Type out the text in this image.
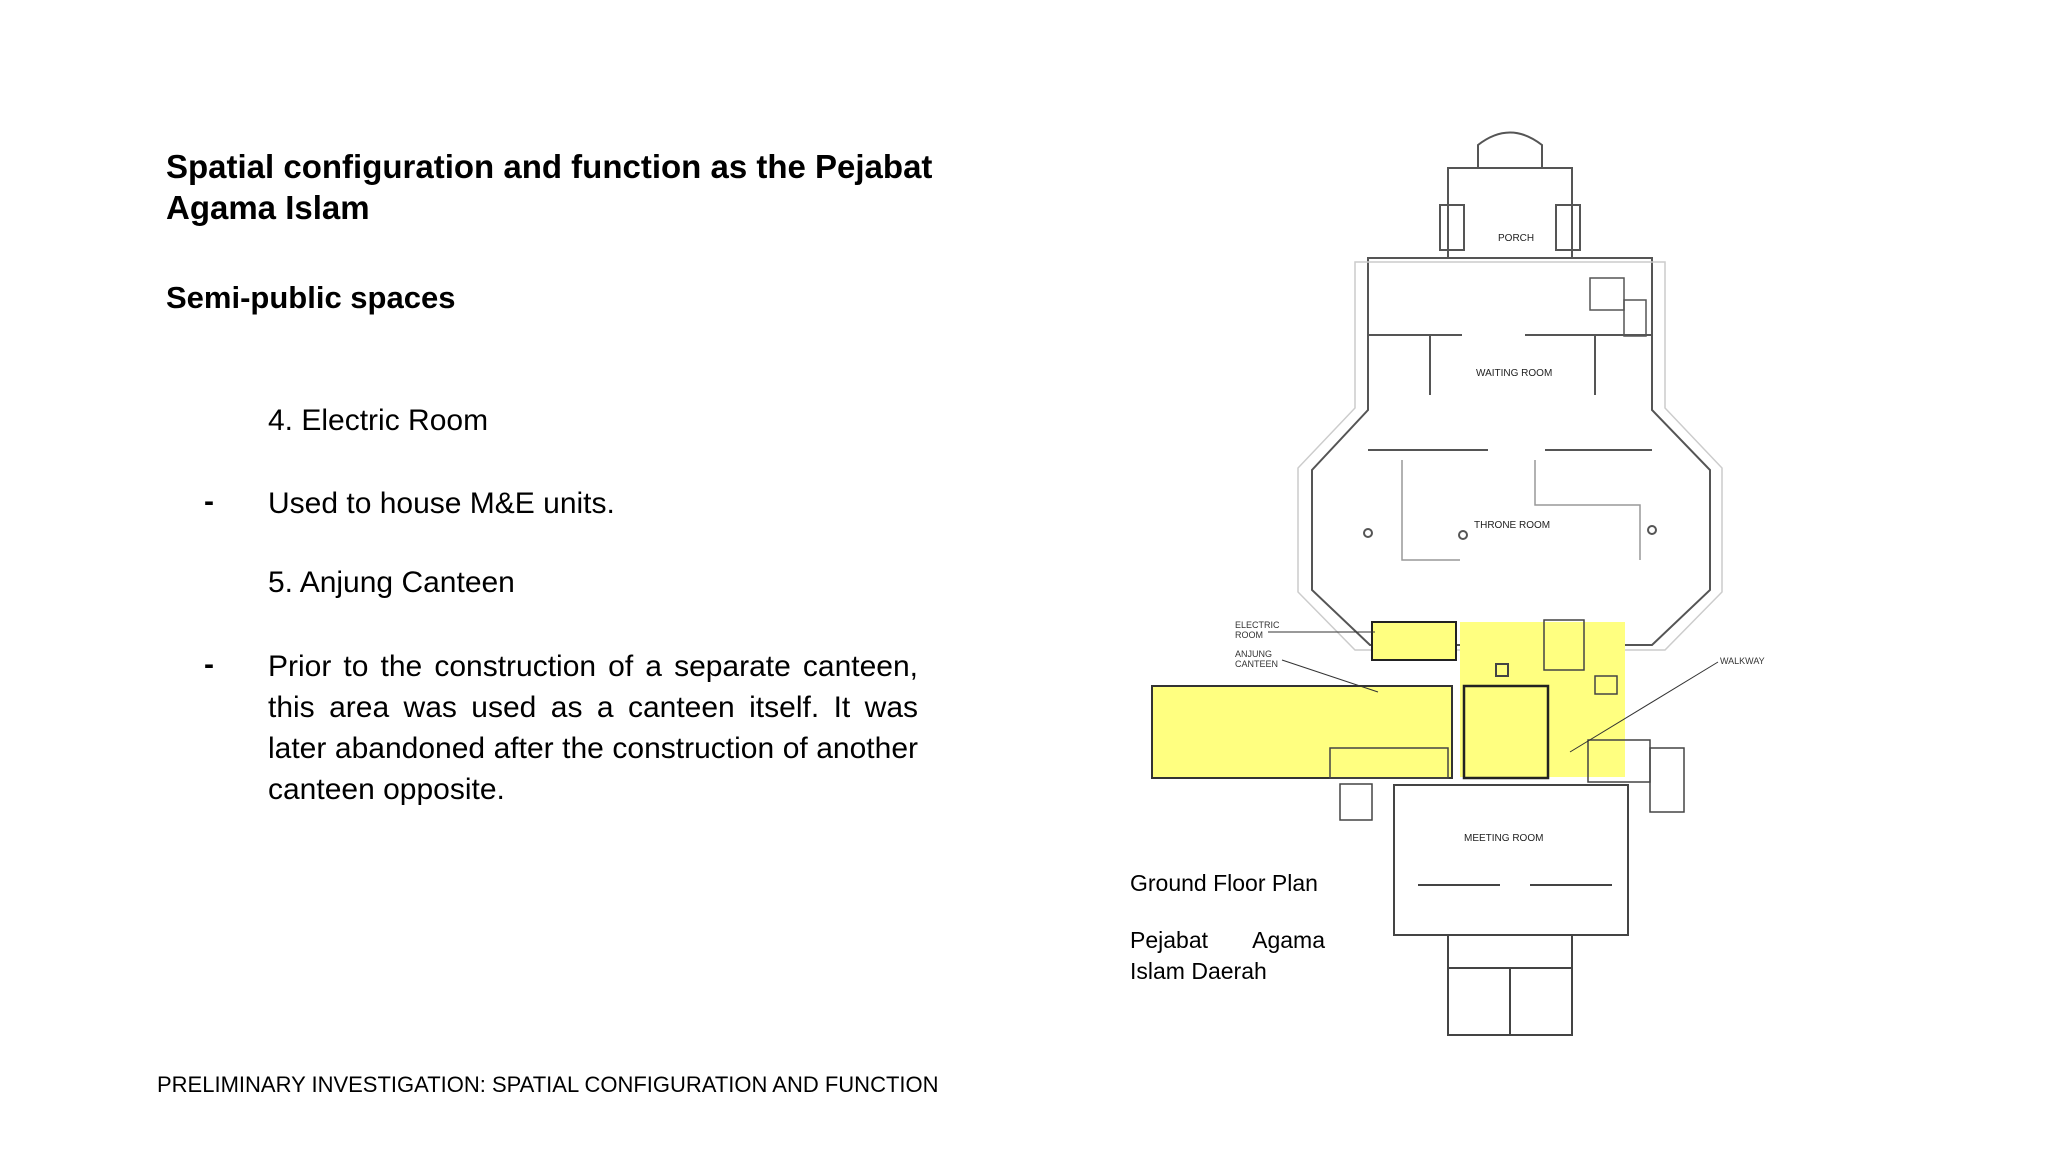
Spatial configuration and function as the Pejabat Agama Islam
Semi-public spaces

4. Electric Room

- Used to house M&E units.

5. Anjung Canteen

- Prior to the construction of a separate canteen, this area was used as a canteen itself. It was later abandoned after the construction of another canteen opposite.

PORCH
WAITING ROOM
THRONE ROOM
MEETING ROOM
ELECTRIC
ROOM
ANJUNG
CANTEEN	WALKWAY

Ground Floor Plan

Pejabat Agama Islam Daerah

PRELIMINARY INVESTIGATION: SPATIAL CONFIGURATION AND FUNCTION
